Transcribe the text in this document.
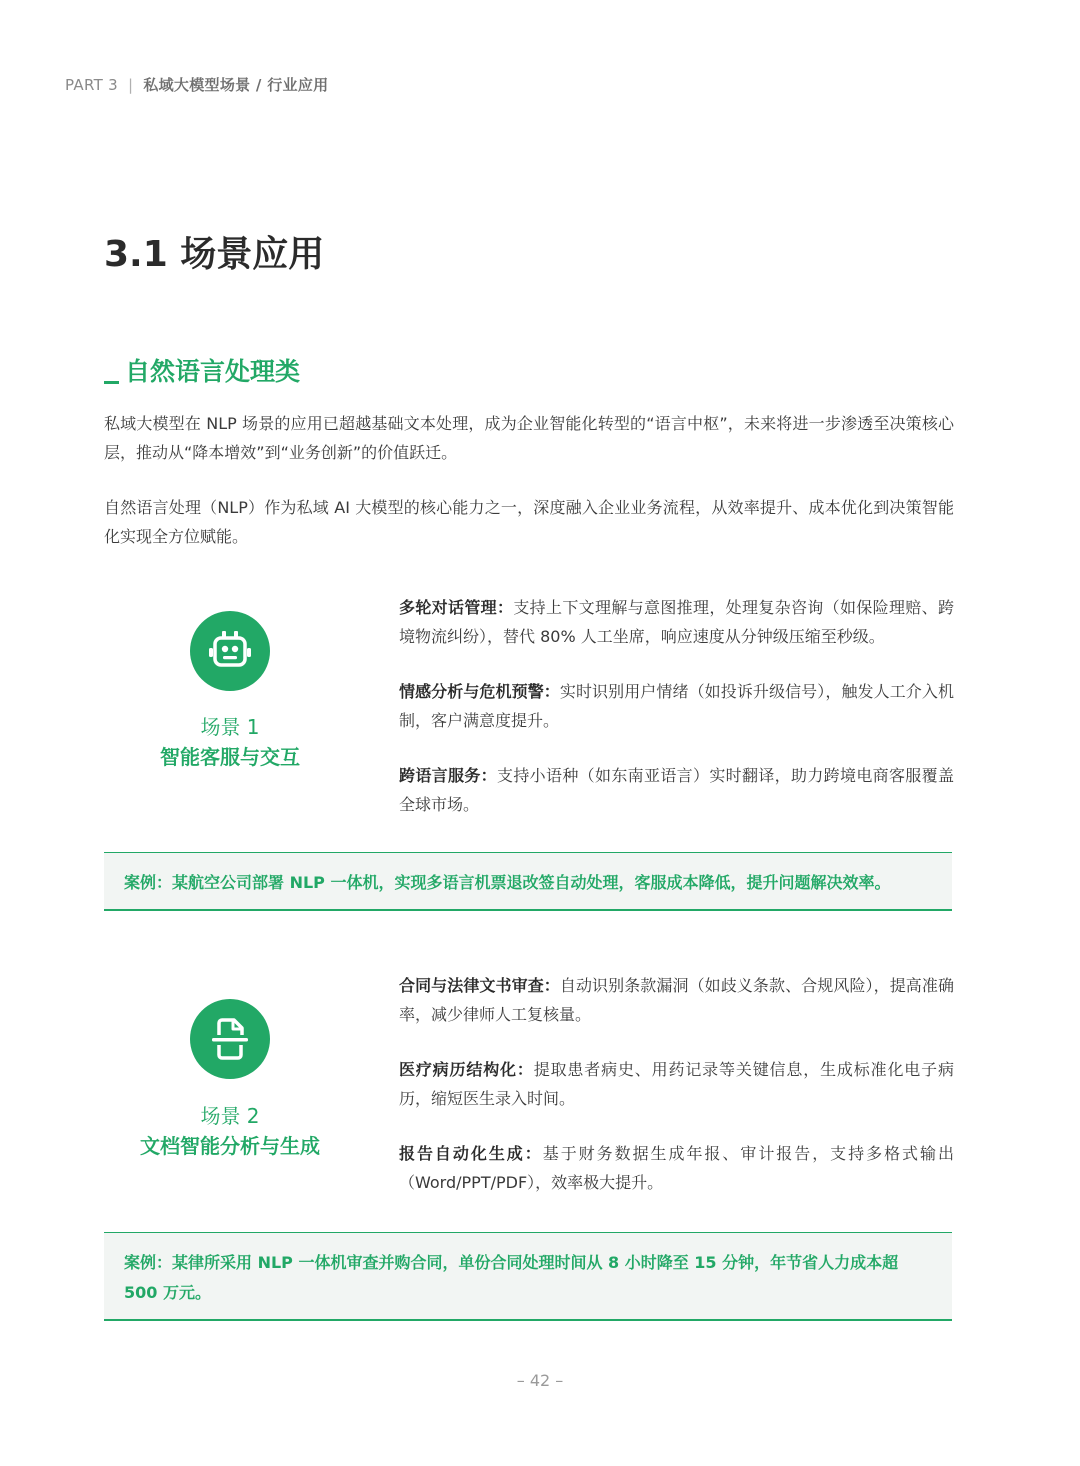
PART 3 | 私域大模型场景 / 行业应用
3.1 场景应用
自然语言处理类

私域大模型在 NLP 场景的应用已超越基础文本处理，成为企业智能化转型的“语言中枢”，未来将进一步渗透至决策核心层，推动从“降本增效”到“业务创新”的价值跃迁。

自然语言处理（NLP）作为私域 AI 大模型的核心能力之一，深度融入企业业务流程，从效率提升、成本优化到决策智能化实现全方位赋能。

场景 1
智能客服与交互

多轮对话管理：支持上下文理解与意图推理，处理复杂咨询（如保险理赔、跨境物流纠纷），替代 80% 人工坐席，响应速度从分钟级压缩至秒级。

情感分析与危机预警：实时识别用户情绪（如投诉升级信号），触发人工介入机制，客户满意度提升。

跨语言服务：支持小语种（如东南亚语言）实时翻译，助力跨境电商客服覆盖全球市场。

案例：某航空公司部署 NLP 一体机，实现多语言机票退改签自动处理，客服成本降低，提升问题解决效率。
场景 2
文档智能分析与生成

合同与法律文书审查：自动识别条款漏洞（如歧义条款、合规风险），提高准确率，减少律师人工复核量。

医疗病历结构化：提取患者病史、用药记录等关键信息，生成标准化电子病历，缩短医生录入时间。

报告自动化生成：基于财务数据生成年报、审计报告，支持多格式输出（Word/PPT/PDF），效率极大提升。

案例：某律所采用 NLP 一体机审查并购合同，单份合同处理时间从 8 小时降至 15 分钟，年节省人力成本超 500 万元。
– 42 –
